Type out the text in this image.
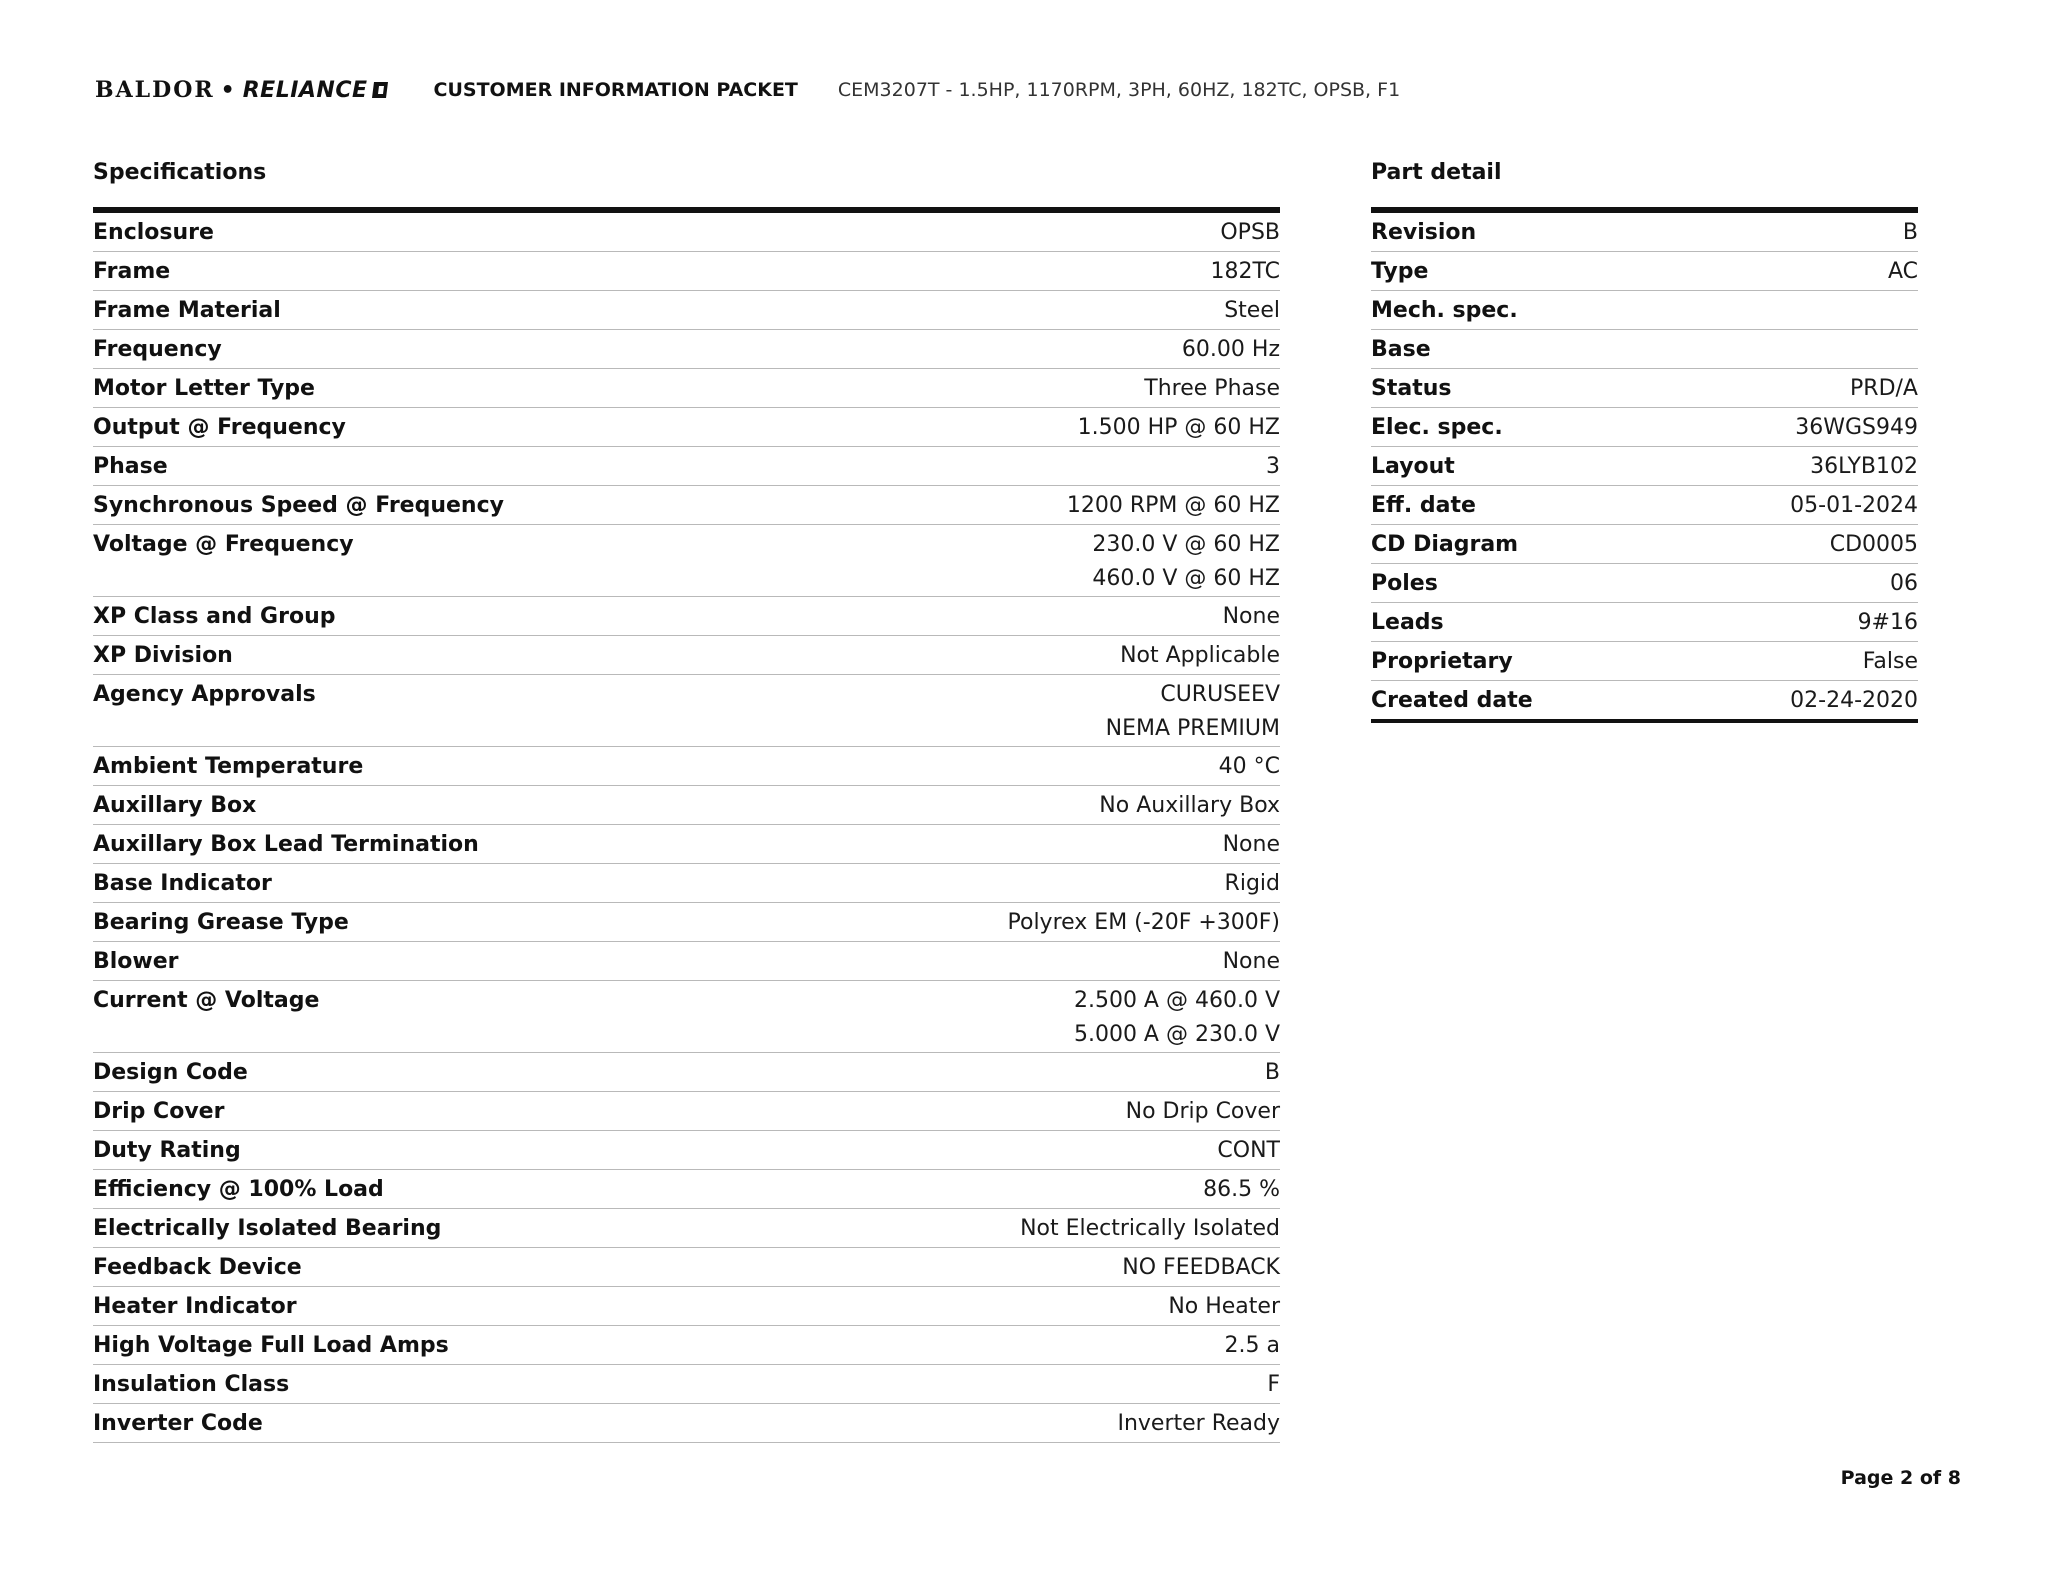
BALDOR • RELIANCE	CUSTOMER INFORMATION PACKET CEM3207T - 1.5HP, 1170RPM, 3PH, 60HZ, 182TC, OPSB, F1
Specifications
Enclosure	OPSB
Frame	182TC
Frame Material	Steel
Frequency	60.00 Hz
Motor Letter Type	Three Phase
Output @ Frequency	1.500 HP @ 60 HZ
Phase	3
Synchronous Speed @ Frequency	1200 RPM @ 60 HZ
Voltage @ Frequency	230.0 V @ 60 HZ
460.0 V @ 60 HZ
XP Class and Group	None
XP Division	Not Applicable
Agency Approvals	CURUSEEV
NEMA PREMIUM
Ambient Temperature	40 °C
Auxillary Box	No Auxillary Box
Auxillary Box Lead Termination	None
Base Indicator	Rigid
Bearing Grease Type	Polyrex EM (-20F +300F)
Blower	None
Current @ Voltage	2.500 A @ 460.0 V
5.000 A @ 230.0 V
Design Code	B
Drip Cover	No Drip Cover
Duty Rating	CONT
Efficiency @ 100% Load	86.5 %
Electrically Isolated Bearing	Not Electrically Isolated
Feedback Device	NO FEEDBACK
Heater Indicator	No Heater
High Voltage Full Load Amps	2.5 a
Insulation Class	F
Inverter Code	Inverter Ready
Part detail
Revision	B
Type	AC
Mech. spec.
Base
Status	PRD/A
Elec. spec.	36WGS949
Layout	36LYB102
Eff. date	05-01-2024
CD Diagram	CD0005
Poles	06
Leads	9#16
Proprietary	False
Created date	02-24-2020
Page 2 of 8
